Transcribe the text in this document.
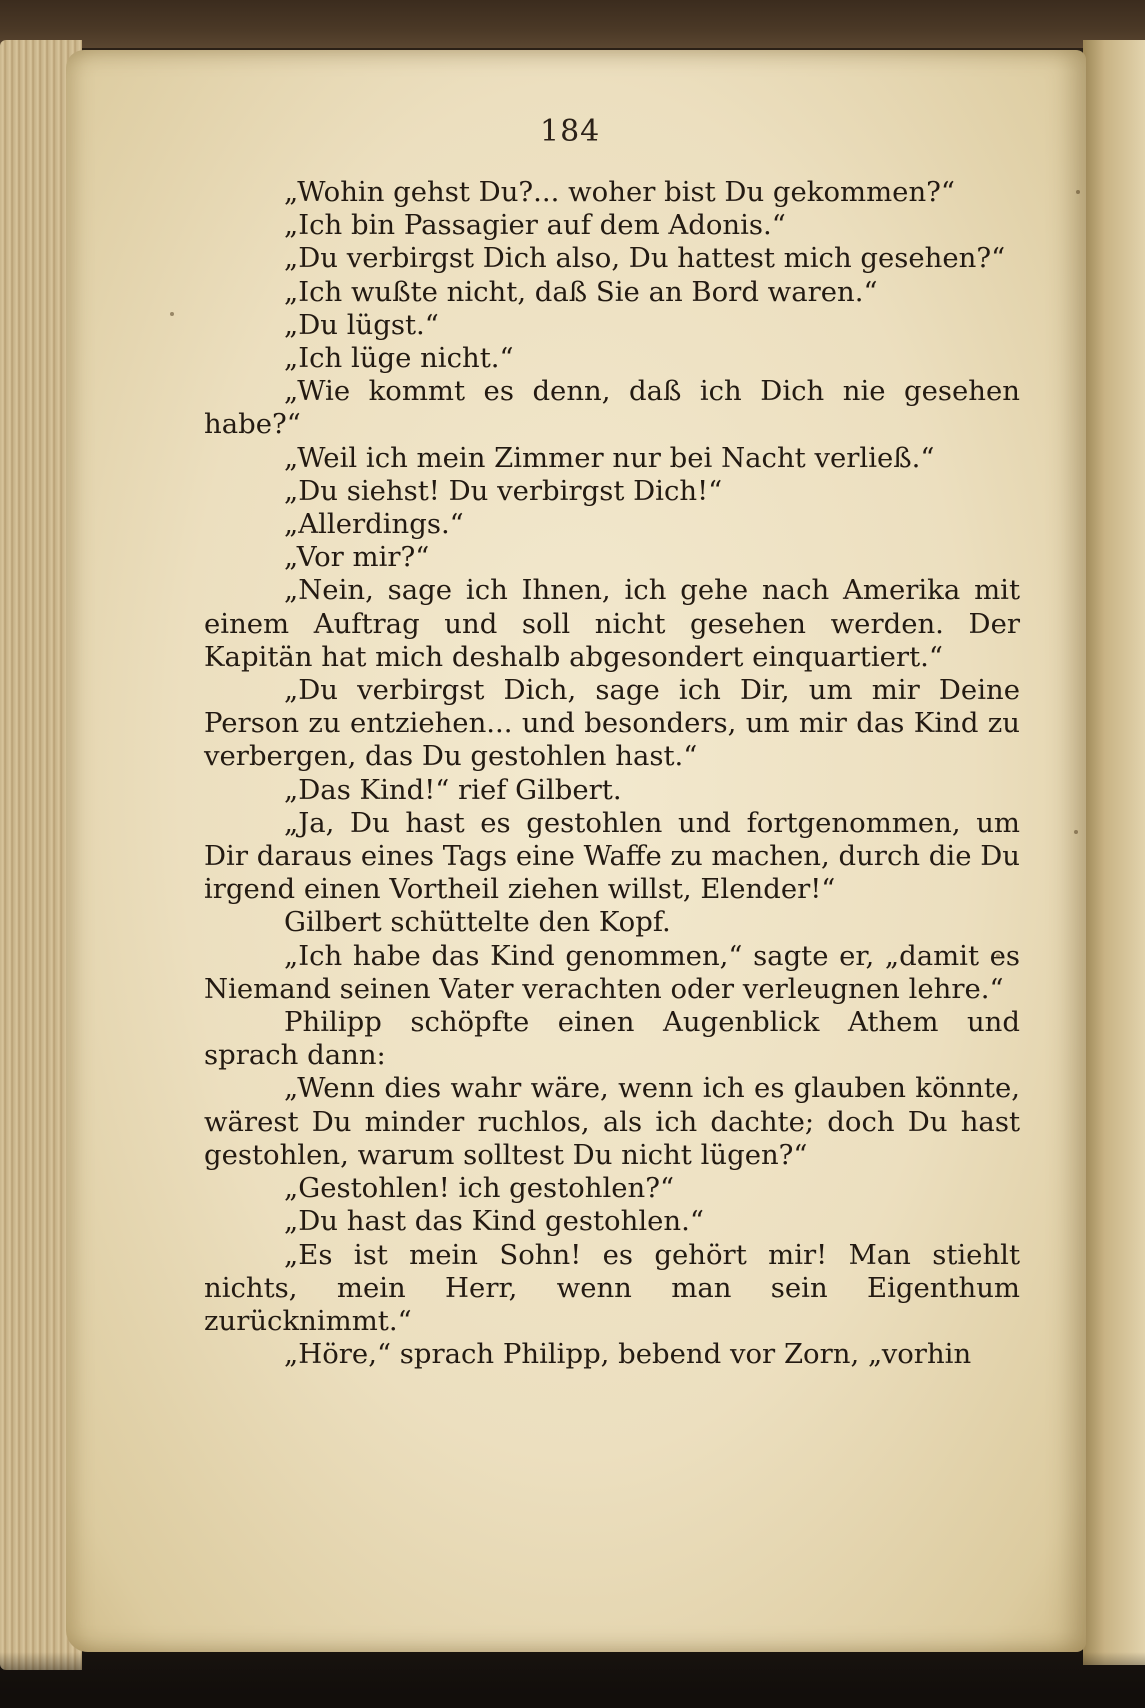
184

„Wohin gehst Du?... woher bist Du gekommen?“

„Ich bin Passagier auf dem Adonis.“

„Du verbirgst Dich also, Du hattest mich gesehen?“

„Ich wußte nicht, daß Sie an Bord waren.“

„Du lügst.“

„Ich lüge nicht.“

„Wie kommt es denn, daß ich Dich nie gesehen habe?“

„Weil ich mein Zimmer nur bei Nacht verließ.“

„Du siehst! Du verbirgst Dich!“

„Allerdings.“

„Vor mir?“

„Nein, sage ich Ihnen, ich gehe nach Amerika mit einem Auftrag und soll nicht gesehen werden. Der Kapitän hat mich deshalb abgesondert einquartiert.“

„Du verbirgst Dich, sage ich Dir, um mir Deine Person zu entziehen... und besonders, um mir das Kind zu verbergen, das Du gestohlen hast.“

„Das Kind!“ rief Gilbert.

„Ja, Du hast es gestohlen und fortgenommen, um Dir daraus eines Tags eine Waffe zu machen, durch die Du irgend einen Vortheil ziehen willst, Elender!“

Gilbert schüttelte den Kopf.

„Ich habe das Kind genommen,“ sagte er, „damit es Niemand seinen Vater verachten oder verleugnen lehre.“

Philipp schöpfte einen Augenblick Athem und sprach dann:

„Wenn dies wahr wäre, wenn ich es glauben könnte, wärest Du minder ruchlos, als ich dachte; doch Du hast gestohlen, warum solltest Du nicht lügen?“

„Gestohlen! ich gestohlen?“

„Du hast das Kind gestohlen.“

„Es ist mein Sohn! es gehört mir! Man stiehlt nichts, mein Herr, wenn man sein Eigenthum zurücknimmt.“

„Höre,“ sprach Philipp, bebend vor Zorn, „vorhin
